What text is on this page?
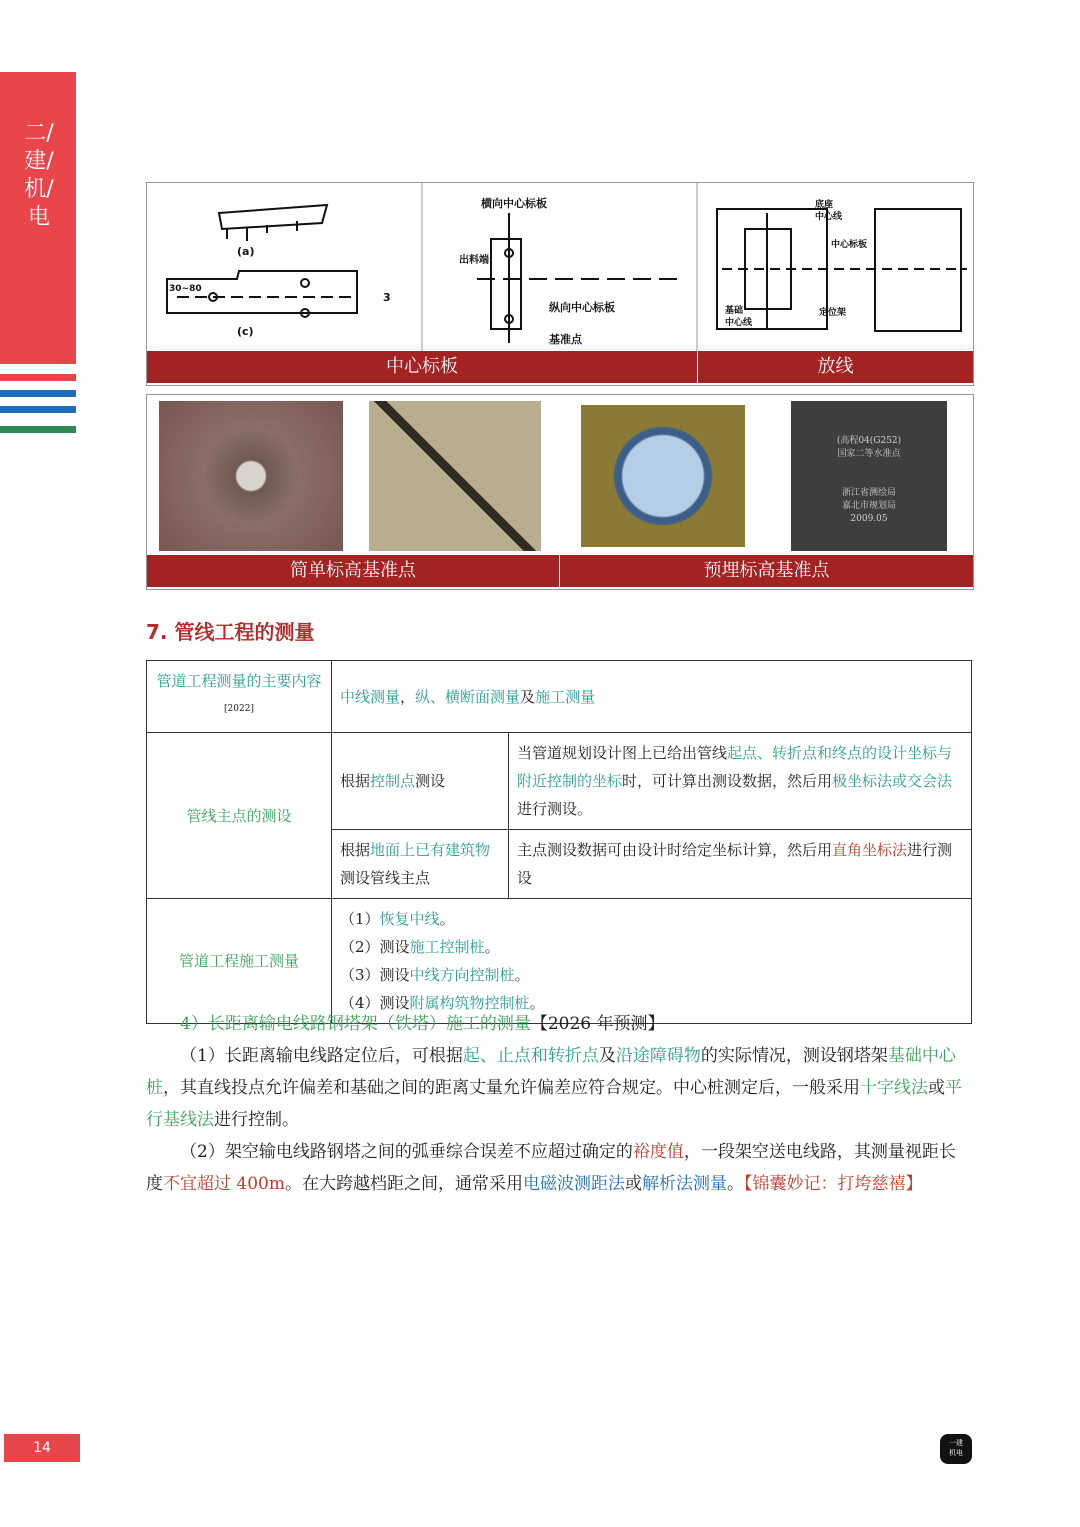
二/建/机/电
(a)
(c)
30~80
3
横向中心标板
出料端
纵向中心标板
基准点
底座
中心线
中心标板
基础
中心线
定位架
中心标板	放线
(高程04(G252)
国家二等水准点
浙江省测绘局
嘉北市规划局
2009.05
简单标高基准点	预埋标高基准点
7. 管线工程的测量
管道工程测量的主要内容[2022]	中线测量，纵、横断面测量及施工测量	
管线主点的测设	根据控制点测设	当管道规划设计图上已给出管线起点、转折点和终点的设计坐标与附近控制的坐标时，可计算出测设数据，然后用极坐标法或交会法进行测设。
	根据地面上已有建筑物测设管线主点	主点测设数据可由设计时给定坐标计算，然后用直角坐标法进行测设
管道工程施工测量	（1）恢复中线。
（2）测设施工控制桩。
（3）测设中线方向控制桩。
（4）测设附属构筑物控制桩。	
4）长距离输电线路钢塔架（铁塔）施工的测量【2026 年预测】
（1）长距离输电线路定位后，可根据起、止点和转折点及沿途障碍物的实际情况，测设钢塔架基础中心桩，其直线投点允许偏差和基础之间的距离丈量允许偏差应符合规定。中心桩测定后，一般采用十字线法或平行基线法进行控制。
（2）架空输电线路钢塔之间的弧垂综合误差不应超过确定的裕度值，一段架空送电线路，其测量视距长度不宜超过 400m。在大跨越档距之间，通常采用电磁波测距法或解析法测量。【锦囊妙记：打垮慈禧】
14	一建
机电
